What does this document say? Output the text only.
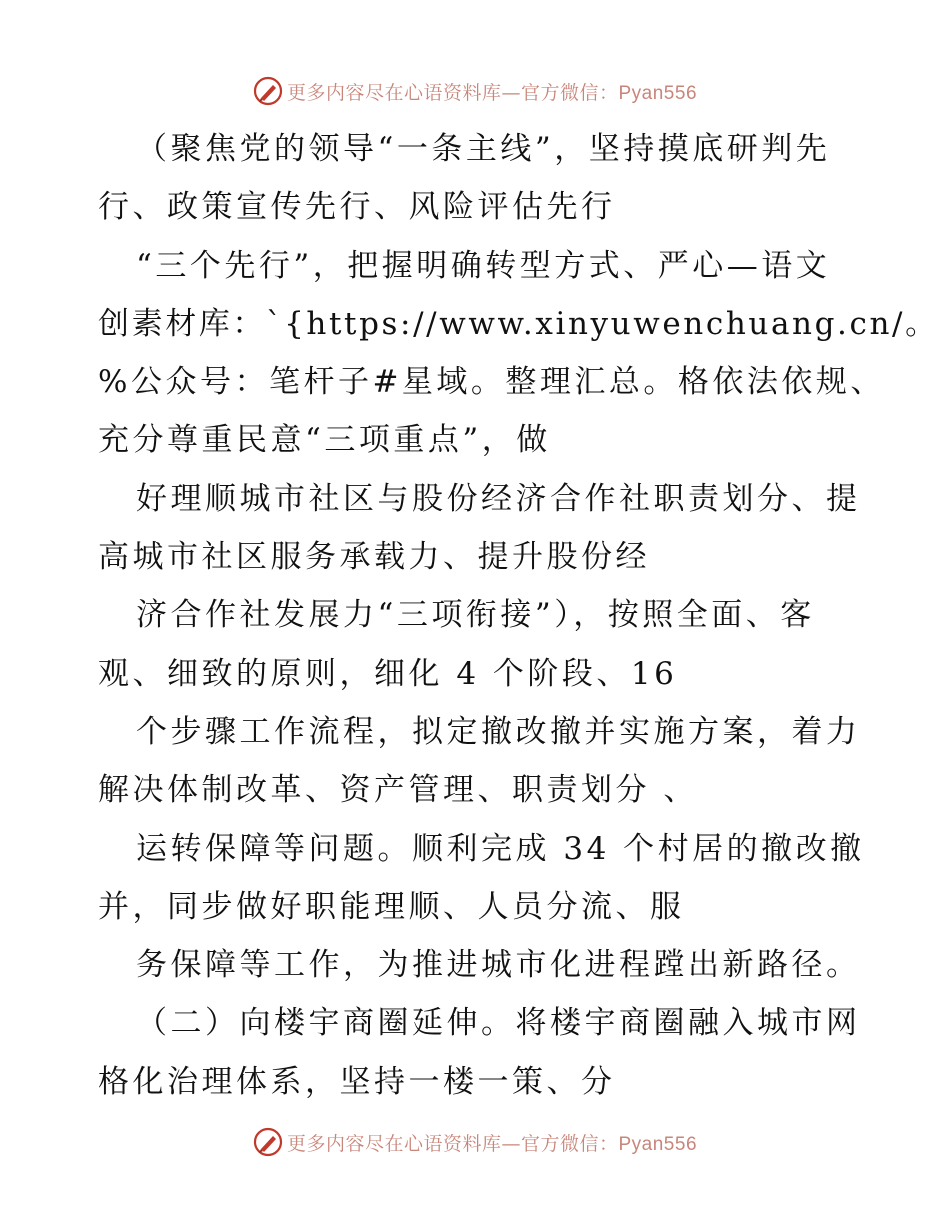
更多内容尽在心语资料库—官方微信：Pyan556
（聚焦党的领导“一条主线”，坚持摸底研判先
行、政策宣传先行、风险评估先行
“三个先行”，把握明确转型方式、严心—语文
创素材库：`{https://www.xinyuwenchuang.cn/。
%公众号：笔杆子#星域。整理汇总。格依法依规、
充分尊重民意“三项重点”，做
好理顺城市社区与股份经济合作社职责划分、提
高城市社区服务承载力、提升股份经
济合作社发展力“三项衔接”），按照全面、客
观、细致的原则，细化 4 个阶段、16
个步骤工作流程，拟定撤改撤并实施方案，着力
解决体制改革、资产管理、职责划分 、
运转保障等问题。顺利完成 34 个村居的撤改撤
并，同步做好职能理顺、人员分流、服
务保障等工作，为推进城市化进程蹚出新路径。
（二）向楼宇商圈延伸。将楼宇商圈融入城市网
格化治理体系，坚持一楼一策、分
更多内容尽在心语资料库—官方微信：Pyan556
